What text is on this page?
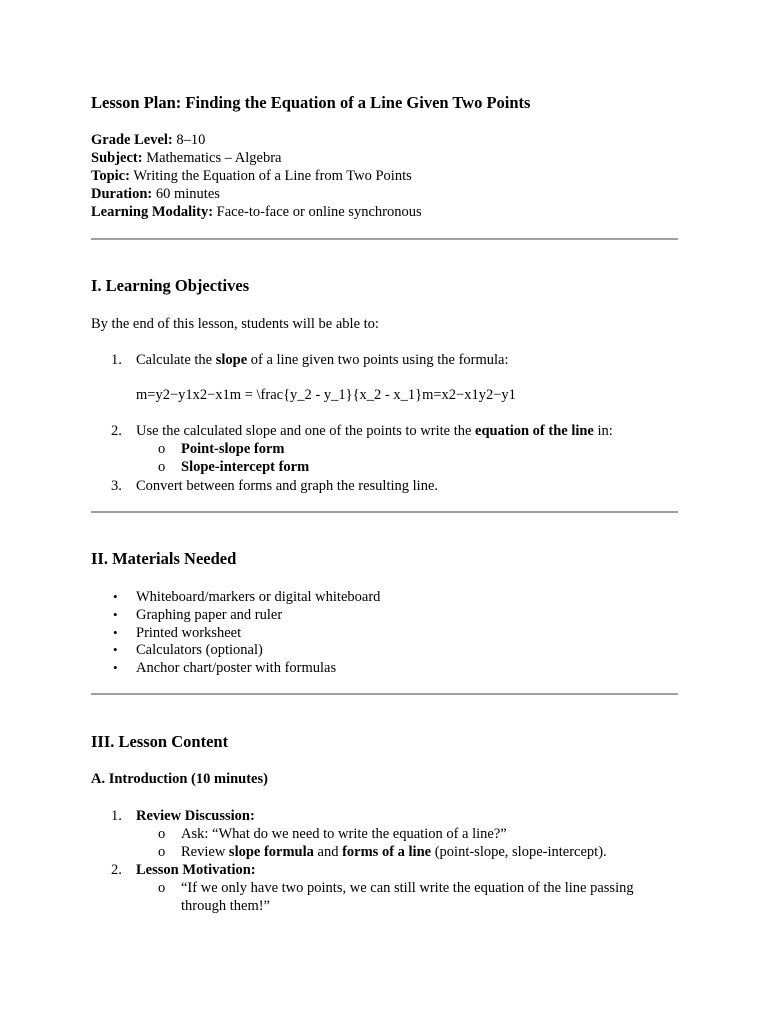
Lesson Plan: Finding the Equation of a Line Given Two Points
Grade Level: 8–10
Subject: Mathematics – Algebra
Topic: Writing the Equation of a Line from Two Points
Duration: 60 minutes
Learning Modality: Face-to-face or online synchronous
I. Learning Objectives
By the end of this lesson, students will be able to:
1. Calculate the slope of a line given two points using the formula:
m=y2−y1x2−x1m = \frac{y_2 - y_1}{x_2 - x_1}m=x2−x1y2−y1
2. Use the calculated slope and one of the points to write the equation of the line in:
o Point-slope form
o Slope-intercept form
3. Convert between forms and graph the resulting line.
II. Materials Needed
• Whiteboard/markers or digital whiteboard
• Graphing paper and ruler
• Printed worksheet
• Calculators (optional)
• Anchor chart/poster with formulas
III. Lesson Content
A. Introduction (10 minutes)
1. Review Discussion:
o Ask: “What do we need to write the equation of a line?”
o Review slope formula and forms of a line (point-slope, slope-intercept).
2. Lesson Motivation:
o “If we only have two points, we can still write the equation of the line passing
through them!”
